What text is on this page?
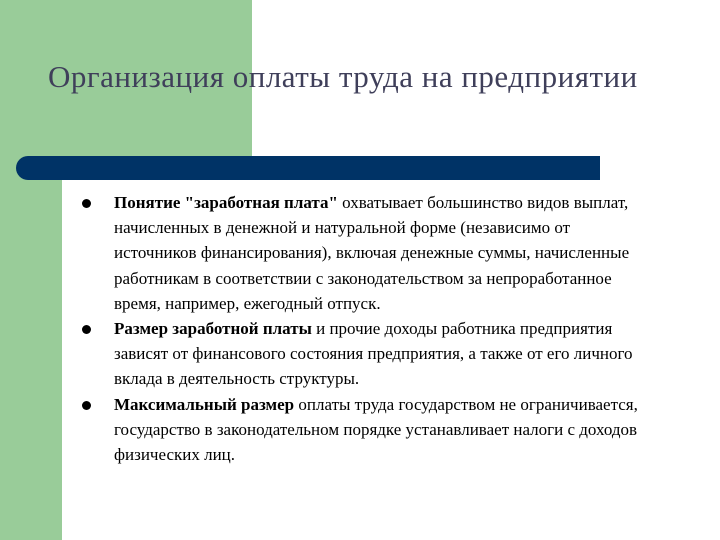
Организация оплаты труда на предприятии
Понятие "заработная плата" охватывает большинство видов выплат, начисленных в денежной и натуральной форме (независимо от источников финансирования), включая денежные суммы, начисленные работникам в соответствии с законодательством за непроработанное время, например, ежегодный отпуск.
Размер заработной платы и прочие доходы работника предприятия зависят от финансового состояния предприятия, а также от его личного вклада в деятельность структуры.
Максимальный размер оплаты труда государством не ограничивается, государство в законодательном порядке устанавливает налоги с доходов физических лиц.
